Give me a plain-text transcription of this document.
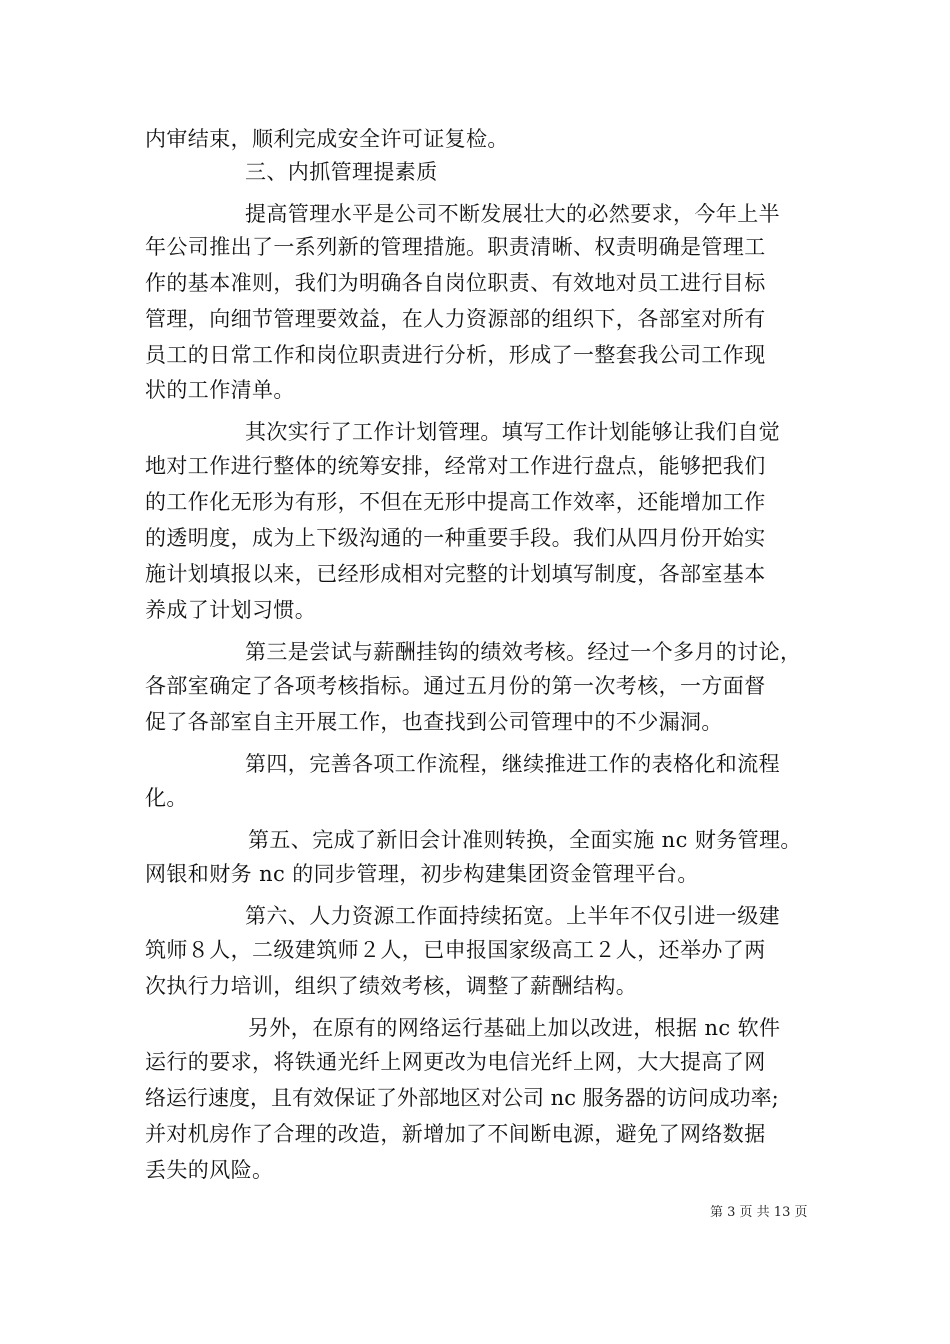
内审结束，顺利完成安全许可证复检。
三、内抓管理提素质
提高管理水平是公司不断发展壮大的必然要求，今年上半
年公司推出了一系列新的管理措施。职责清晰、权责明确是管理工
作的基本准则，我们为明确各自岗位职责、有效地对员工进行目标
管理，向细节管理要效益，在人力资源部的组织下，各部室对所有
员工的日常工作和岗位职责进行分析，形成了一整套我公司工作现
状的工作清单。
其次实行了工作计划管理。填写工作计划能够让我们自觉
地对工作进行整体的统筹安排，经常对工作进行盘点，能够把我们
的工作化无形为有形，不但在无形中提高工作效率，还能增加工作
的透明度，成为上下级沟通的一种重要手段。我们从四月份开始实
施计划填报以来，已经形成相对完整的计划填写制度，各部室基本
养成了计划习惯。
第三是尝试与薪酬挂钩的绩效考核。经过一个多月的讨论，
各部室确定了各项考核指标。通过五月份的第一次考核，一方面督
促了各部室自主开展工作，也查找到公司管理中的不少漏洞。
第四，完善各项工作流程，继续推进工作的表格化和流程
化。
第五、完成了新旧会计准则转换，全面实施 nc 财务管理。
网银和财务 nc 的同步管理，初步构建集团资金管理平台。
第六、人力资源工作面持续拓宽。上半年不仅引进一级建
筑师８人，二级建筑师２人，已申报国家级高工２人，还举办了两
次执行力培训，组织了绩效考核，调整了薪酬结构。
另外，在原有的网络运行基础上加以改进，根据 nc 软件
运行的要求，将铁通光纤上网更改为电信光纤上网，大大提高了网
络运行速度，且有效保证了外部地区对公司 nc 服务器的访问成功率;
并对机房作了合理的改造，新增加了不间断电源，避免了网络数据
丢失的风险。
第 3 页 共 13 页
